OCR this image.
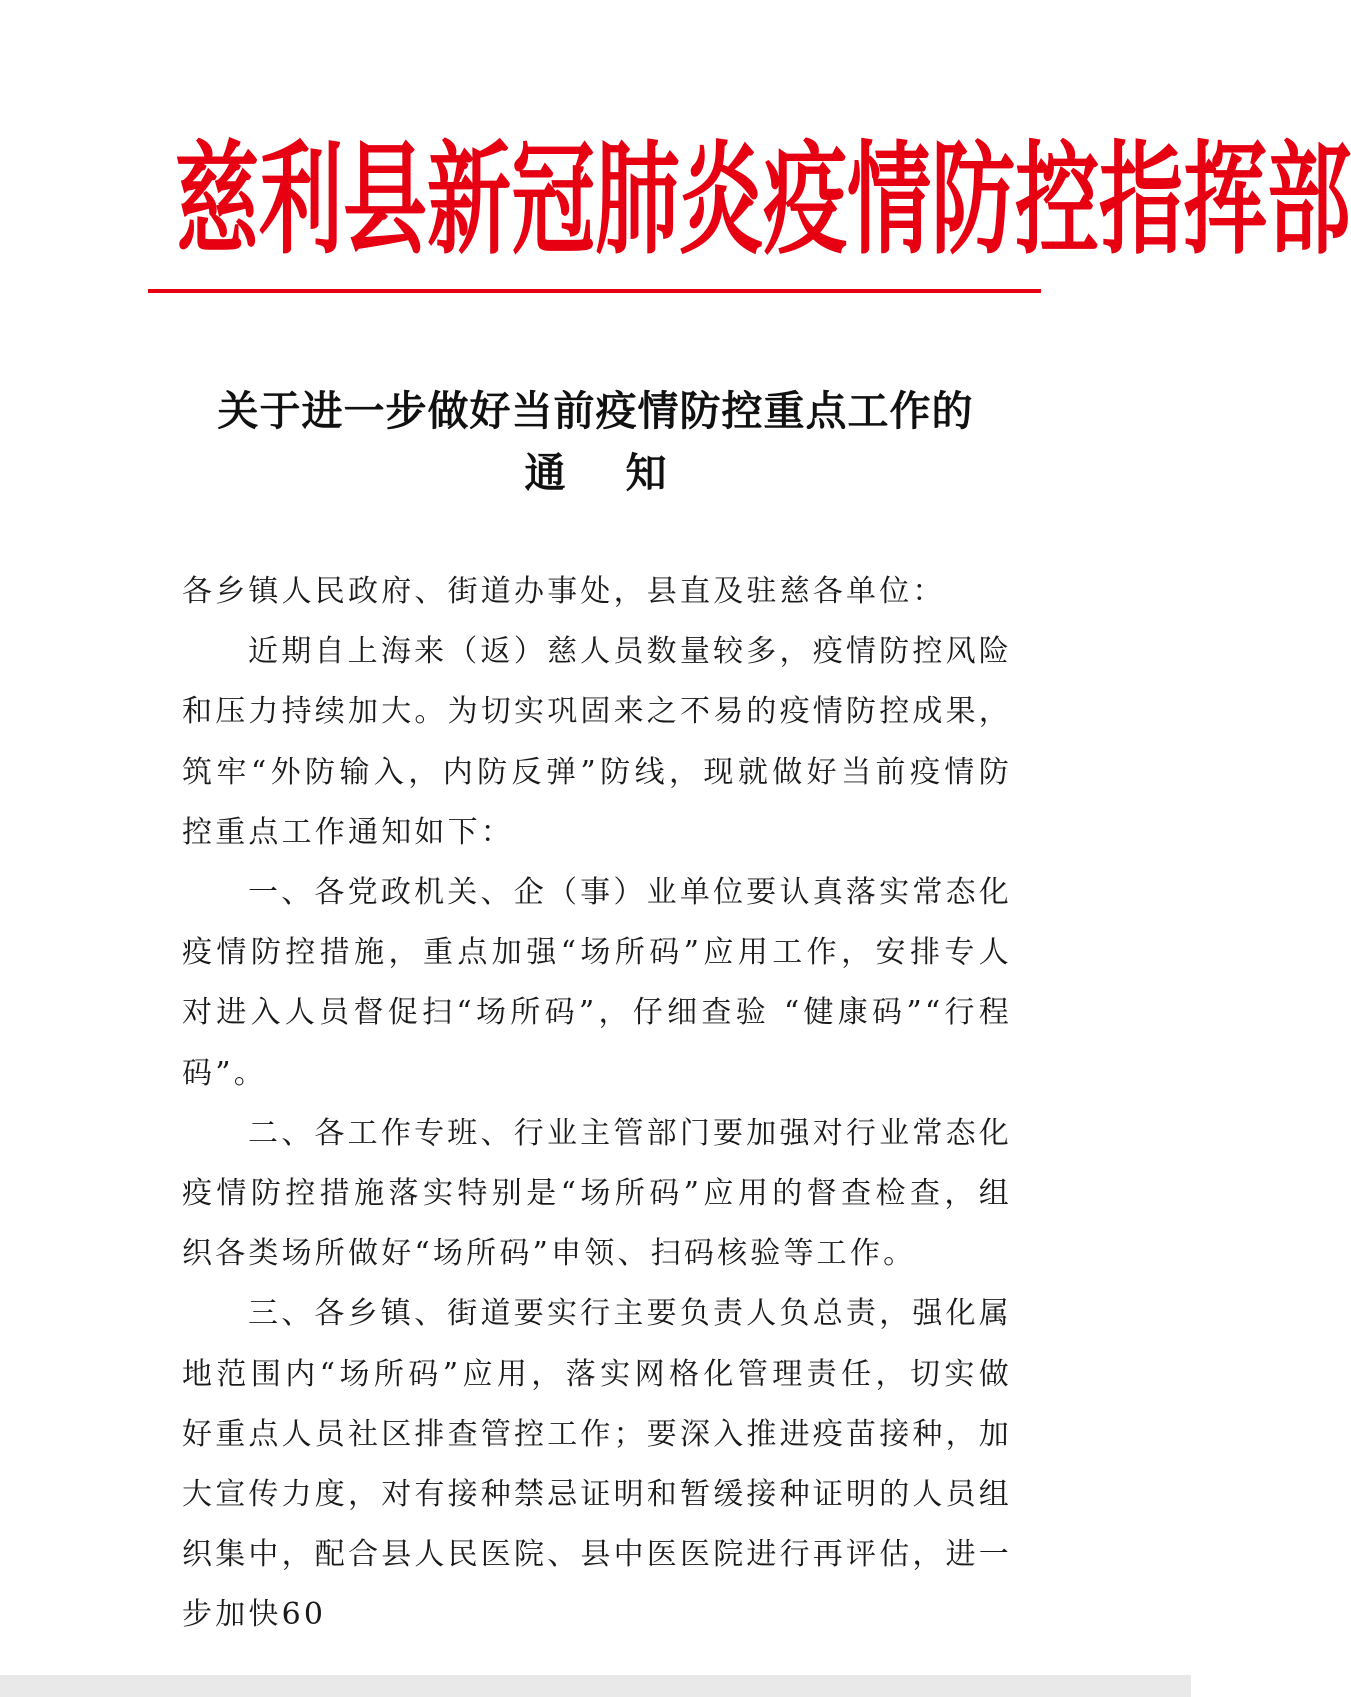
慈 利 县 新 冠 肺 炎 疫 情 防 控 指 挥 部
关于进一步做好当前疫情防控重点工作的
通知

各乡镇人民政府、街道办事处，县直及驻慈各单位：

近期自上海来（返）慈人员数量较多，疫情防控风险和压力持续加大。为切实巩固来之不易的疫情防控成果，筑牢“外防输入，内防反弹”防线，现就做好当前疫情防控重点工作通知如下：

一、各党政机关、企（事）业单位要认真落实常态化疫情防控措施，重点加强“场所码”应用工作，安排专人对进入人员督促扫“场所码”，仔细查验 “健康码”“行程码”。

二、各工作专班、行业主管部门要加强对行业常态化疫情防控措施落实特别是“场所码”应用的督查检查，组织各类场所做好“场所码”申领、扫码核验等工作。

三、各乡镇、街道要实行主要负责人负总责，强化属地范围内“场所码”应用，落实网格化管理责任，切实做好重点人员社区排查管控工作；要深入推进疫苗接种，加大宣传力度，对有接种禁忌证明和暂缓接种证明的人员组织集中，配合县人民医院、县中医医院进行再评估，进一步加快60
